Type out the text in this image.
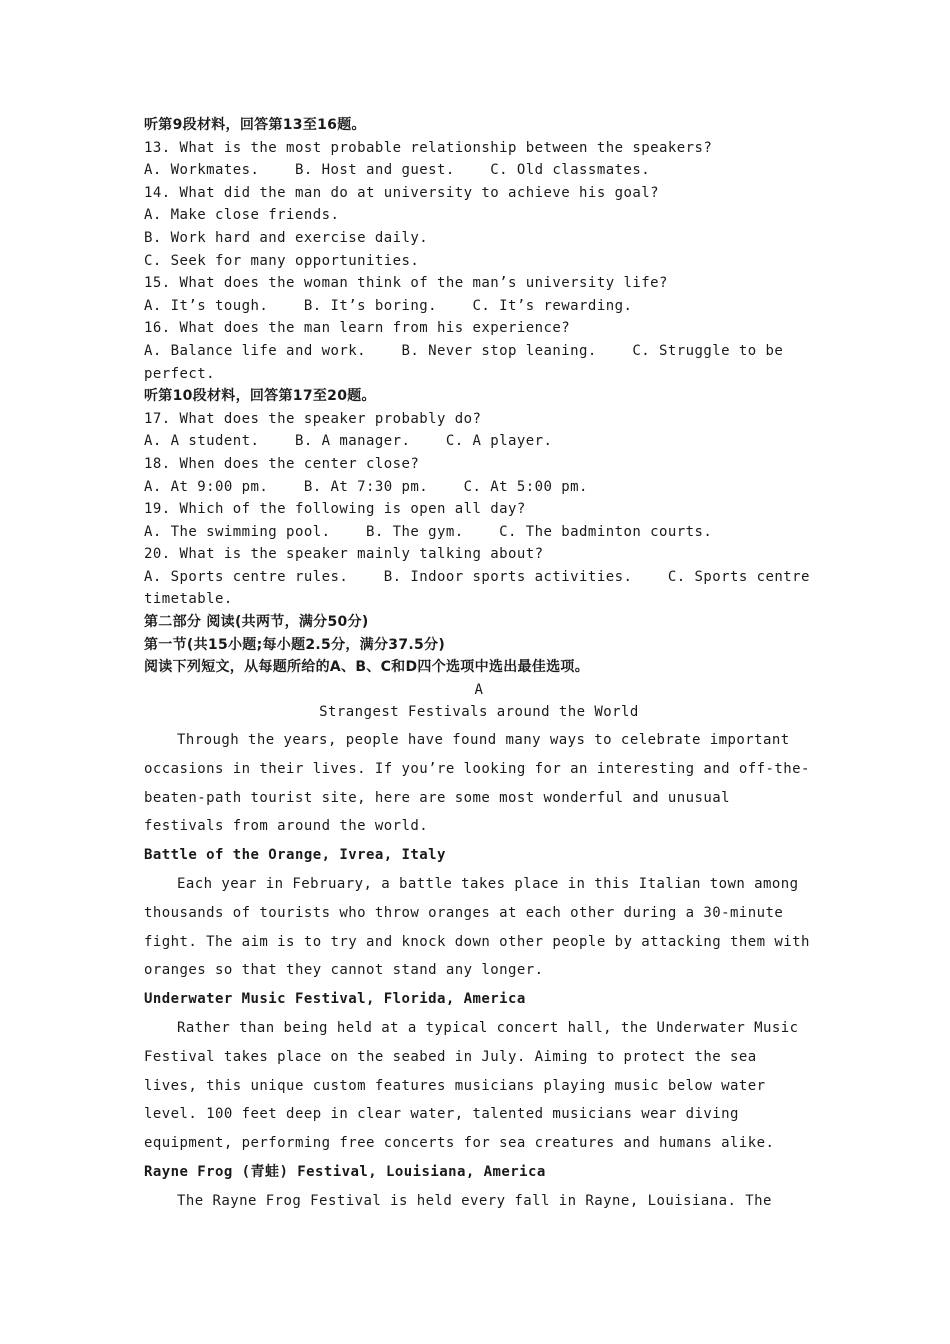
听第9段材料，回答第13至16题。
13. What is the most probable relationship between the speakers?
A. Workmates.    B. Host and guest.    C. Old classmates.
14. What did the man do at university to achieve his goal?
A. Make close friends.
B. Work hard and exercise daily.
C. Seek for many opportunities.
15. What does the woman think of the man’s university life?
A. It’s tough.    B. It’s boring.    C. It’s rewarding.
16. What does the man learn from his experience?
A. Balance life and work.    B. Never stop leaning.    C. Struggle to be
perfect.
听第10段材料，回答第17至20题。
17. What does the speaker probably do?
A. A student.    B. A manager.    C. A player.
18. When does the center close?
A. At 9:00 pm.    B. At 7:30 pm.    C. At 5:00 pm.
19. Which of the following is open all day?
A. The swimming pool.    B. The gym.    C. The badminton courts.
20. What is the speaker mainly talking about?
A. Sports centre rules.    B. Indoor sports activities.    C. Sports centre
timetable.
第二部分 阅读(共两节，满分50分)
第一节(共15小题;每小题2.5分，满分37.5分)
阅读下列短文，从每题所给的A、B、C和D四个选项中选出最佳选项。
A
Strangest Festivals around the World

Through the years, people have found many ways to celebrate important occasions in their lives. If you’re looking for an interesting and off-the-beaten-path tourist site, here are some most wonderful and unusual festivals from around the world.

Battle of the Orange, Ivrea, Italy

Each year in February, a battle takes place in this Italian town among thousands of tourists who throw oranges at each other during a 30-minute fight. The aim is to try and knock down other people by attacking them with oranges so that they cannot stand any longer.

Underwater Music Festival, Florida, America

Rather than being held at a typical concert hall, the Underwater Music Festival takes place on the seabed in July. Aiming to protect the sea lives, this unique custom features musicians playing music below water level. 100 feet deep in clear water, talented musicians wear diving equipment, performing free concerts for sea creatures and humans alike.

Rayne Frog (青蛙) Festival, Louisiana, America

The Rayne Frog Festival is held every fall in Rayne, Louisiana. The
